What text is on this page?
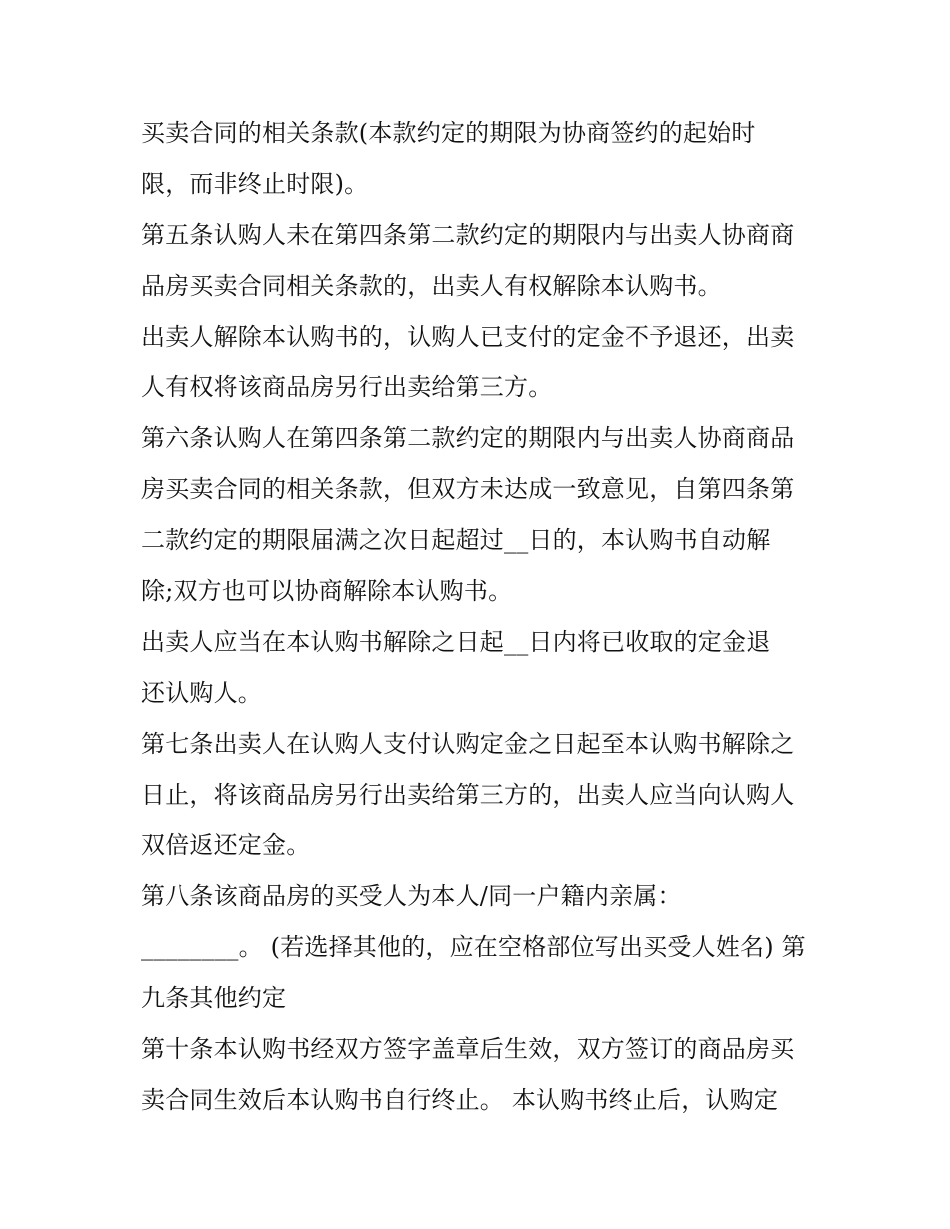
买卖合同的相关条款(本款约定的期限为协商签约的起始时
限，而非终止时限)。
第五条认购人未在第四条第二款约定的期限内与出卖人协商商
品房买卖合同相关条款的，出卖人有权解除本认购书。
出卖人解除本认购书的，认购人已支付的定金不予退还，出卖
人有权将该商品房另行出卖给第三方。
第六条认购人在第四条第二款约定的期限内与出卖人协商商品
房买卖合同的相关条款，但双方未达成一致意见，自第四条第
二款约定的期限届满之次日起超过__日的，本认购书自动解
除;双方也可以协商解除本认购书。
出卖人应当在本认购书解除之日起__日内将已收取的定金退
还认购人。
第七条出卖人在认购人支付认购定金之日起至本认购书解除之
日止，将该商品房另行出卖给第三方的，出卖人应当向认购人
双倍返还定金。
第八条该商品房的买受人为本人/同一户籍内亲属：
________。 (若选择其他的，应在空格部位写出买受人姓名) 第
九条其他约定
第十条本认购书经双方签字盖章后生效，双方签订的商品房买
卖合同生效后本认购书自行终止。 本认购书终止后，认购定
